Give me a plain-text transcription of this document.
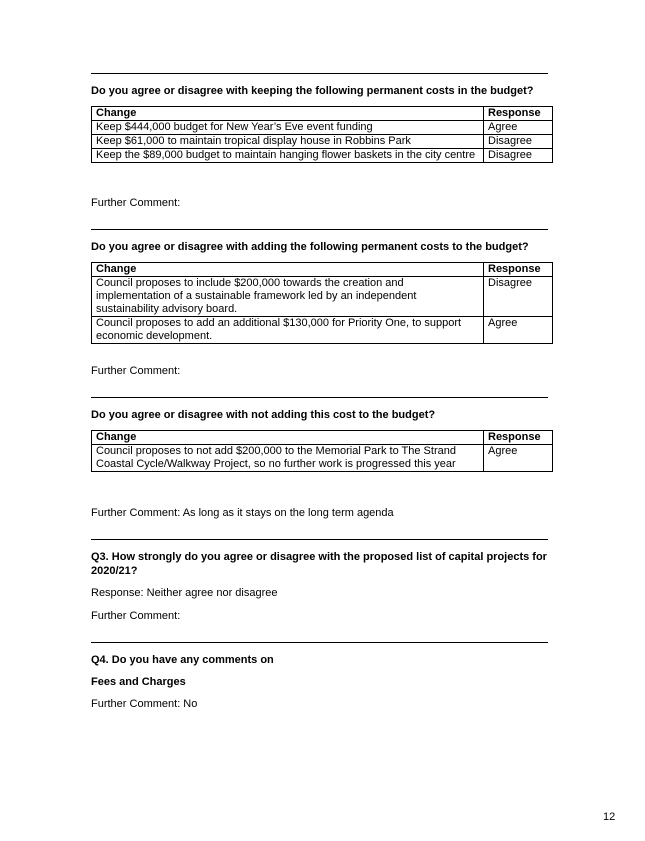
Do you agree or disagree with keeping the following permanent costs in the budget?
Change	Response
Keep $444,000 budget for New Year’s Eve event funding	Agree
Keep $61,000 to maintain tropical display house in Robbins Park	Disagree
Keep the $89,000 budget to maintain hanging flower baskets in the city centre	Disagree
Further Comment:
Do you agree or disagree with adding the following permanent costs to the budget?
Change	Response
Council proposes to include $200,000 towards the creation and implementation of a sustainable framework led by an independent sustainability advisory board.	Disagree
Council proposes to add an additional $130,000 for Priority One, to support economic development.	Agree
Further Comment:
Do you agree or disagree with not adding this cost to the budget?
Change	Response
Council proposes to not add $200,000 to the Memorial Park to The Strand Coastal Cycle/Walkway Project, so no further work is progressed this year	Agree
Further Comment: As long as it stays on the long term agenda
Q3. How strongly do you agree or disagree with the proposed list of capital projects for 2020/21?
Response: Neither agree nor disagree
Further Comment:
Q4. Do you have any comments on
Fees and Charges
Further Comment: No
12
